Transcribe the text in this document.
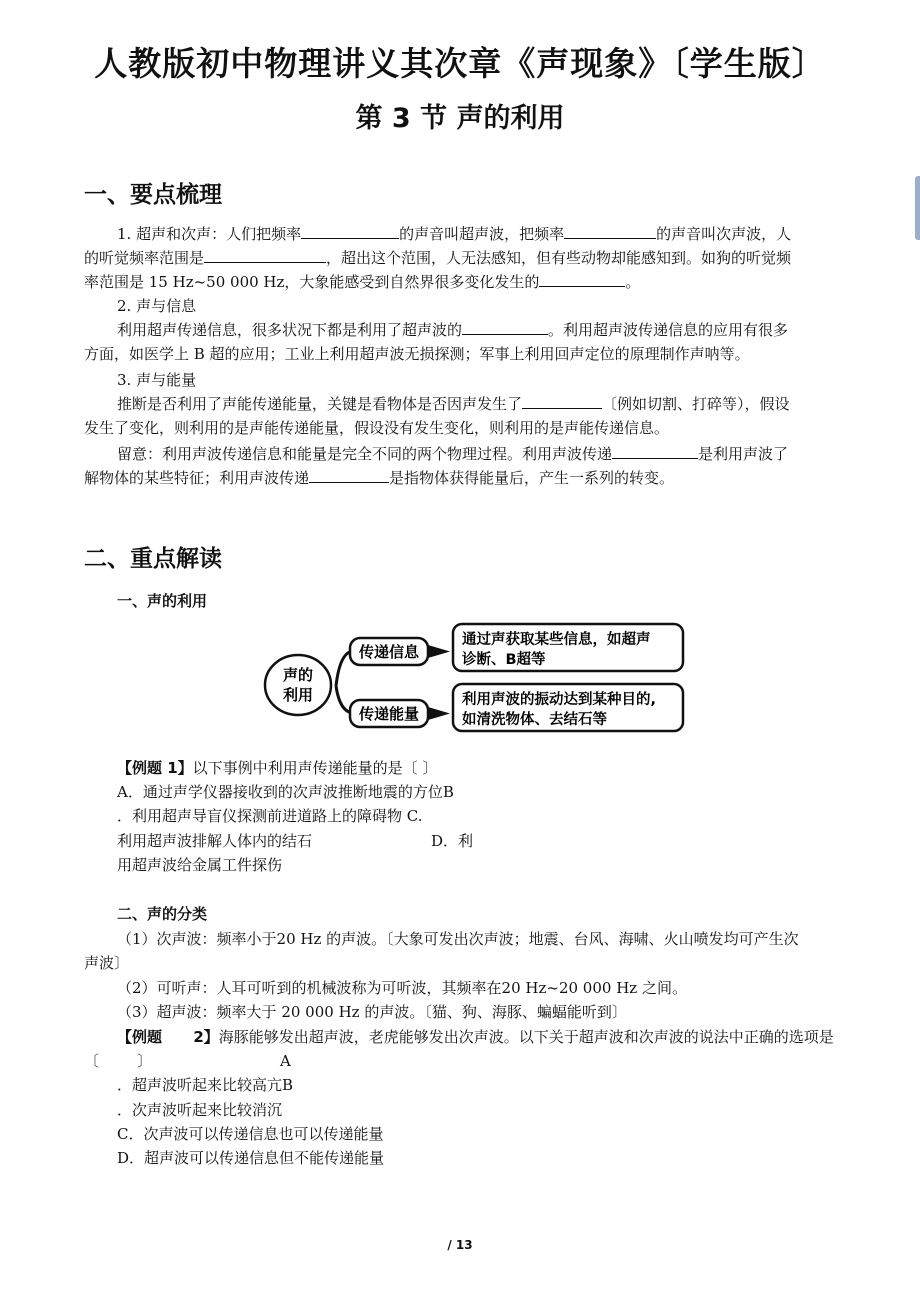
人教版初中物理讲义其次章《声现象》〔学生版〕
第 3 节 声的利用
一、要点梳理
1. 超声和次声：人们把频率	的声音叫超声波，把频率	的声音叫次声波，人
的听觉频率范围是	，超出这个范围，人无法感知，但有些动物却能感知到。如狗的听觉频
率范围是 15 Hz~50 000 Hz，大象能感受到自然界很多变化发生的	。
2. 声与信息
利用超声传递信息，很多状况下都是利用了超声波的	。利用超声波传递信息的应用有很多
方面，如医学上 B 超的应用；工业上利用超声波无损探测；军事上利用回声定位的原理制作声呐等。
3. 声与能量
推断是否利用了声能传递能量，关键是看物体是否因声发生了	〔例如切割、打碎等），假设
发生了变化，则利用的是声能传递能量，假设没有发生变化，则利用的是声能传递信息。
留意：利用声波传递信息和能量是完全不同的两个物理过程。利用声波传递	是利用声波了
解物体的某些特征；利用声波传递	是指物体获得能量后，产生一系列的转变。
二、重点解读
一、声的利用
声的
利用
传递信息
通过声获取某些信息，如超声
诊断、B超等
传递能量
利用声波的振动达到某种目的,
如清洗物体、去结石等
【例题 1】以下事例中利用声传递能量的是〔 〕
A．通过声学仪器接收到的次声波推断地震的方位B
．利用超声导盲仪探测前进道路上的障碍物 C.
利用超声波排解人体内的结石	D．利
用超声波给金属工件探伤
二、声的分类
（1）次声波：频率小于20 Hz 的声波。〔大象可发出次声波；地震、台风、海啸、火山喷发均可产生次
声波〕
（2）可听声：人耳可听到的机械波称为可听波，其频率在20 Hz~20 000 Hz 之间。
（3）超声波：频率大于 20 000 Hz 的声波。〔猫、狗、海豚、蝙蝠能听到〕
【例题      2】海豚能够发出超声波，老虎能够发出次声波。以下关于超声波和次声波的说法中正确的选项是
〔        〕	A
．超声波听起来比较高亢B
．次声波听起来比较消沉
C．次声波可以传递信息也可以传递能量
D．超声波可以传递信息但不能传递能量
/ 13
